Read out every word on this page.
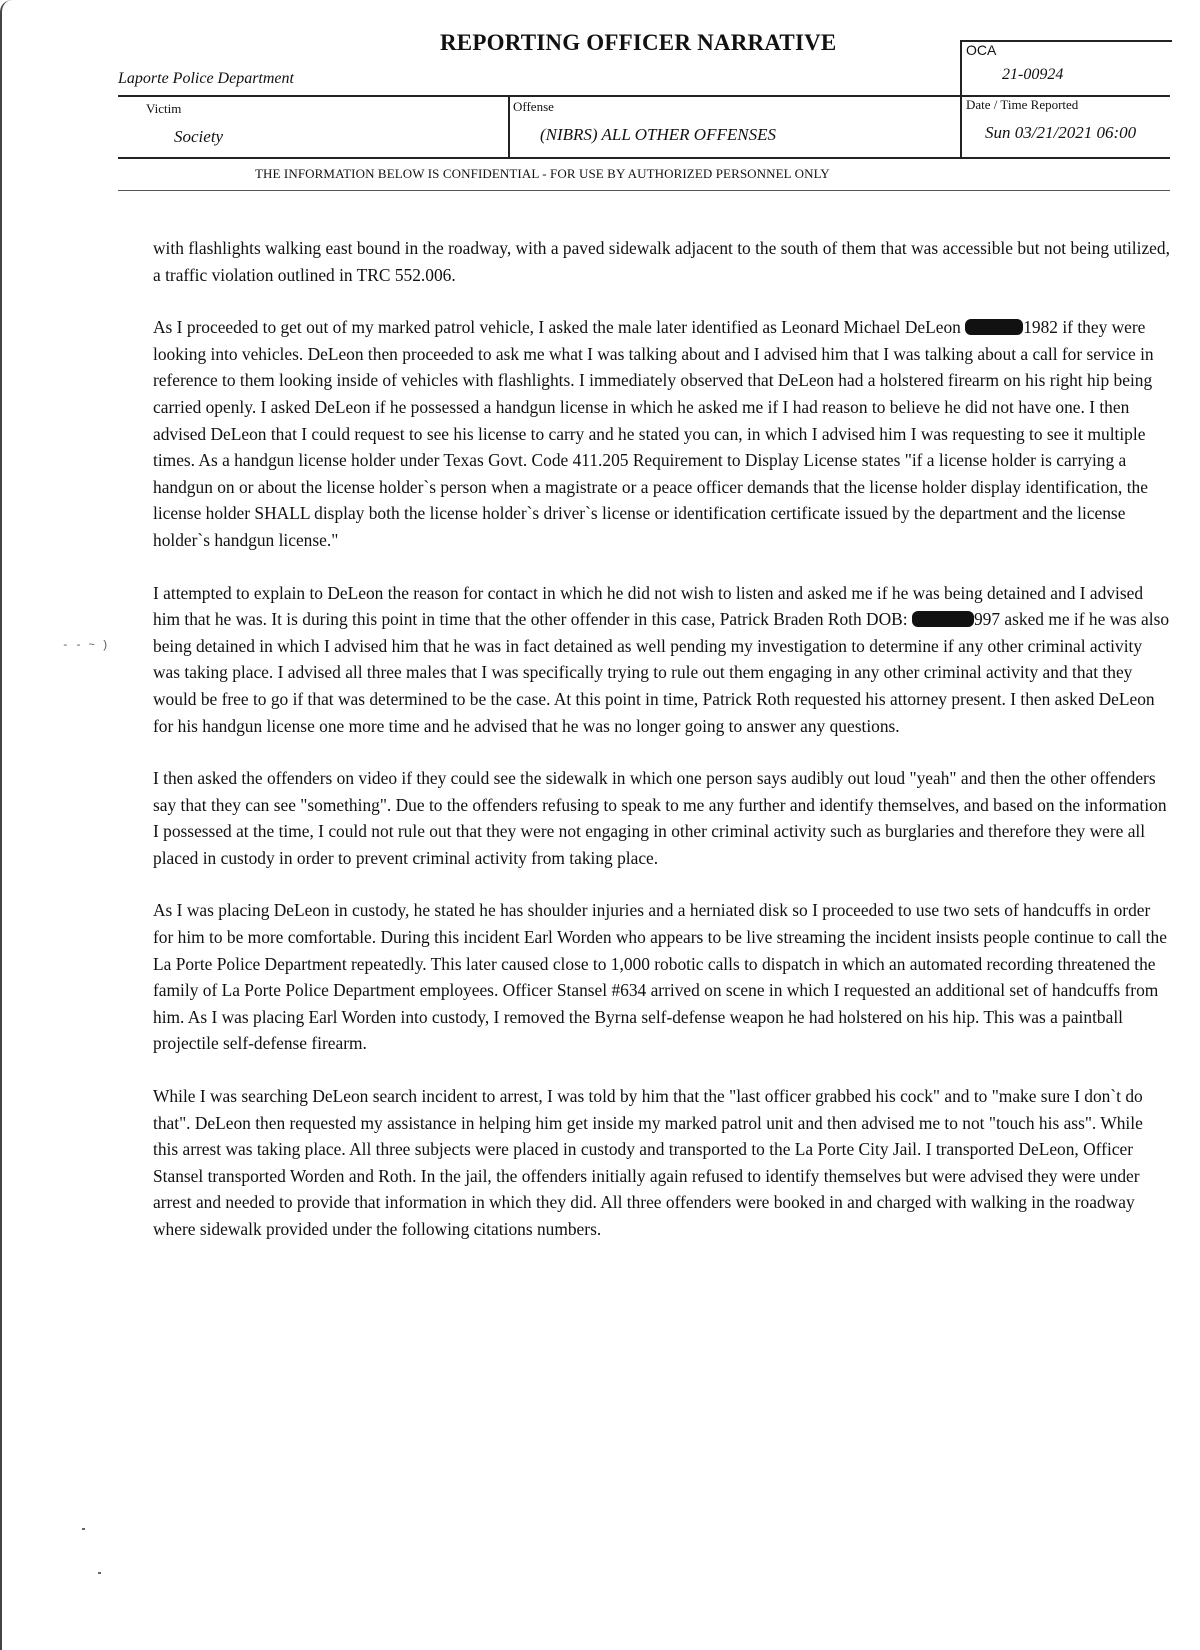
REPORTING OFFICER NARRATIVE
Laporte Police Department
OCA
21-00924
Victim
Society
Offense
(NIBRS) ALL OTHER OFFENSES
Date / Time Reported
Sun 03/21/2021 06:00
THE INFORMATION BELOW IS CONFIDENTIAL - FOR USE BY AUTHORIZED PERSONNEL ONLY
- - ~ )

with flashlights walking east bound in the roadway, with a paved sidewalk adjacent to the south of them that was accessible but not being utilized, a traffic violation outlined in TRC 552.006.

As I proceeded to get out of my marked patrol vehicle, I asked the male later identified as Leonard Michael DeLeon	1982 if they were looking into vehicles. DeLeon then proceeded to ask me what I was talking about and I advised him that I was talking about a call for service in reference to them looking inside of vehicles with flashlights. I immediately observed that DeLeon had a holstered firearm on his right hip being carried openly. I asked DeLeon if he possessed a handgun license in which he asked me if I had reason to believe he did not have one. I then advised DeLeon that I could request to see his license to carry and he stated you can, in which I advised him I was requesting to see it multiple times. As a handgun license holder under Texas Govt. Code 411.205 Requirement to Display License states "if a license holder is carrying a handgun on or about the license holder`s person when a magistrate or a peace officer demands that the license holder display identification, the license holder SHALL display both the license holder`s driver`s license or identification certificate issued by the department and the license holder`s handgun license."

I attempted to explain to DeLeon the reason for contact in which he did not wish to listen and asked me if he was being detained and I advised him that he was. It is during this point in time that the other offender in this case, Patrick Braden Roth DOB:	997 asked me if he was also being detained in which I advised him that he was in fact detained as well pending my investigation to determine if any other criminal activity was taking place. I advised all three males that I was specifically trying to rule out them engaging in any other criminal activity and that they would be free to go if that was determined to be the case. At this point in time, Patrick Roth requested his attorney present. I then asked DeLeon for his handgun license one more time and he advised that he was no longer going to answer any questions.

I then asked the offenders on video if they could see the sidewalk in which one person says audibly out loud "yeah" and then the other offenders say that they can see "something". Due to the offenders refusing to speak to me any further and identify themselves, and based on the information I possessed at the time, I could not rule out that they were not engaging in other criminal activity such as burglaries and therefore they were all placed in custody in order to prevent criminal activity from taking place.

As I was placing DeLeon in custody, he stated he has shoulder injuries and a herniated disk so I proceeded to use two sets of handcuffs in order for him to be more comfortable. During this incident Earl Worden who appears to be live streaming the incident insists people continue to call the La Porte Police Department repeatedly. This later caused close to 1,000 robotic calls to dispatch in which an automated recording threatened the family of La Porte Police Department employees. Officer Stansel #634 arrived on scene in which I requested an additional set of handcuffs from him. As I was placing Earl Worden into custody, I removed the Byrna self-defense weapon he had holstered on his hip. This was a paintball projectile self-defense firearm.

While I was searching DeLeon search incident to arrest, I was told by him that the "last officer grabbed his cock" and to "make sure I don`t do that". DeLeon then requested my assistance in helping him get inside my marked patrol unit and then advised me to not "touch his ass". While this arrest was taking place. All three subjects were placed in custody and transported to the La Porte City Jail. I transported DeLeon, Officer Stansel transported Worden and Roth. In the jail, the offenders initially again refused to identify themselves but were advised they were under arrest and needed to provide that information in which they did. All three offenders were booked in and charged with walking in the roadway where sidewalk provided under the following citations numbers.
